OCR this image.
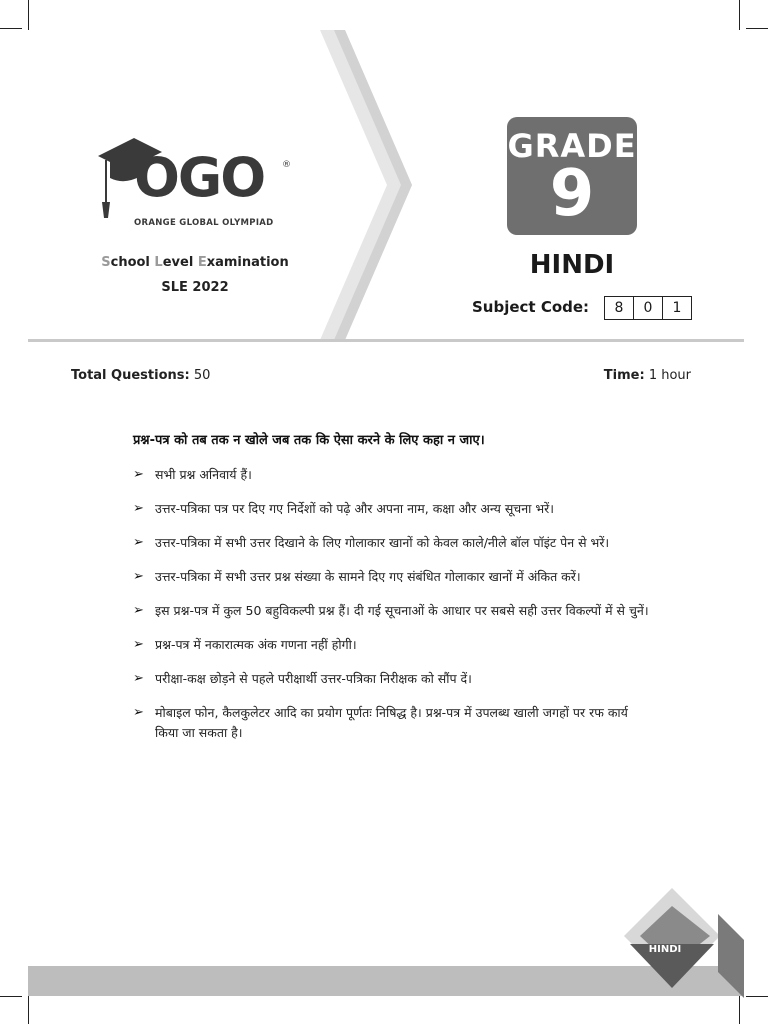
OGO ®
ORANGE GLOBAL OLYMPIAD
School Level Examination
SLE 2022
GRADE
9
HINDI
Subject Code:	8	0	1
Total Questions: 50	Time: 1 hour
प्रश्न-पत्र को तब तक न खोले जब तक कि ऐसा करने के लिए कहा न जाए।
➢ सभी प्रश्न अनिवार्य हैं।
➢ उत्तर-पत्रिका पत्र पर दिए गए निर्देशों को पढ़े और अपना नाम, कक्षा और अन्य सूचना भरें।
➢ उत्तर-पत्रिका में सभी उत्तर दिखाने के लिए गोलाकार खानों को केवल काले/नीले बॉल पॉइंट पेन से भरें।
➢ उत्तर-पत्रिका में सभी उत्तर प्रश्न संख्या के सामने दिए गए संबंधित गोलाकार खानों में अंकित करें।
➢ इस प्रश्न-पत्र में कुल 50 बहुविकल्पी प्रश्न हैं। दी गई सूचनाओं के आधार पर सबसे सही उत्तर विकल्पों में से चुनें।
➢ प्रश्न-पत्र में नकारात्मक अंक गणना नहीं होगी।
➢ परीक्षा-कक्ष छोड़ने से पहले परीक्षार्थी उत्तर-पत्रिका निरीक्षक को सौंप दें।
➢ मोबाइल फोन, कैलकुलेटर आदि का प्रयोग पूर्णतः निषिद्ध है। प्रश्न-पत्र में उपलब्ध खाली जगहों पर रफ कार्य किया जा सकता है।
HINDI
